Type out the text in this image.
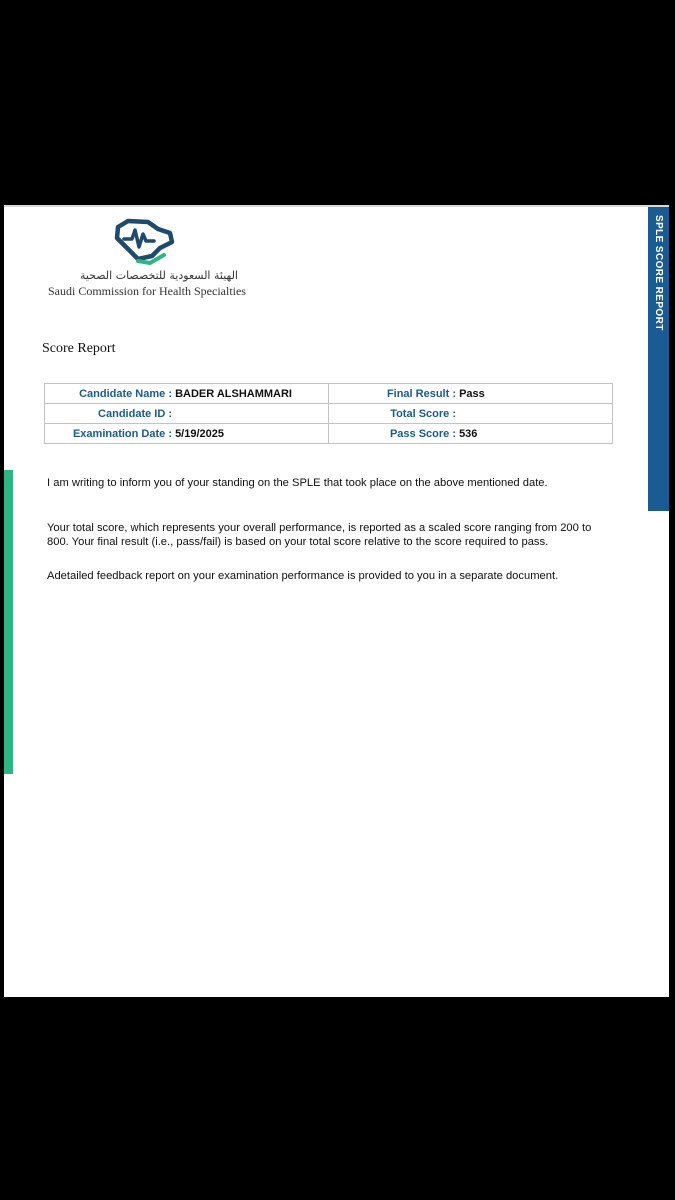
SPLE SCORE REPORT
الهيئة السعودية للتخصصات الصحية
Saudi Commission for Health Specialties
Score Report
Candidate Name : BADER ALSHAMMARI	Final Result : Pass
Candidate ID :	Total Score :
Examination Date : 5/19/2025	Pass Score : 536
I am writing to inform you of your standing on the SPLE that took place on the above mentioned date.
Your total score, which represents your overall performance, is reported as a scaled score ranging from 200 to 800. Your final result (i.e., pass/fail) is based on your total score relative to the score required to pass.
Adetailed feedback report on your examination performance is provided to you in a separate document.
